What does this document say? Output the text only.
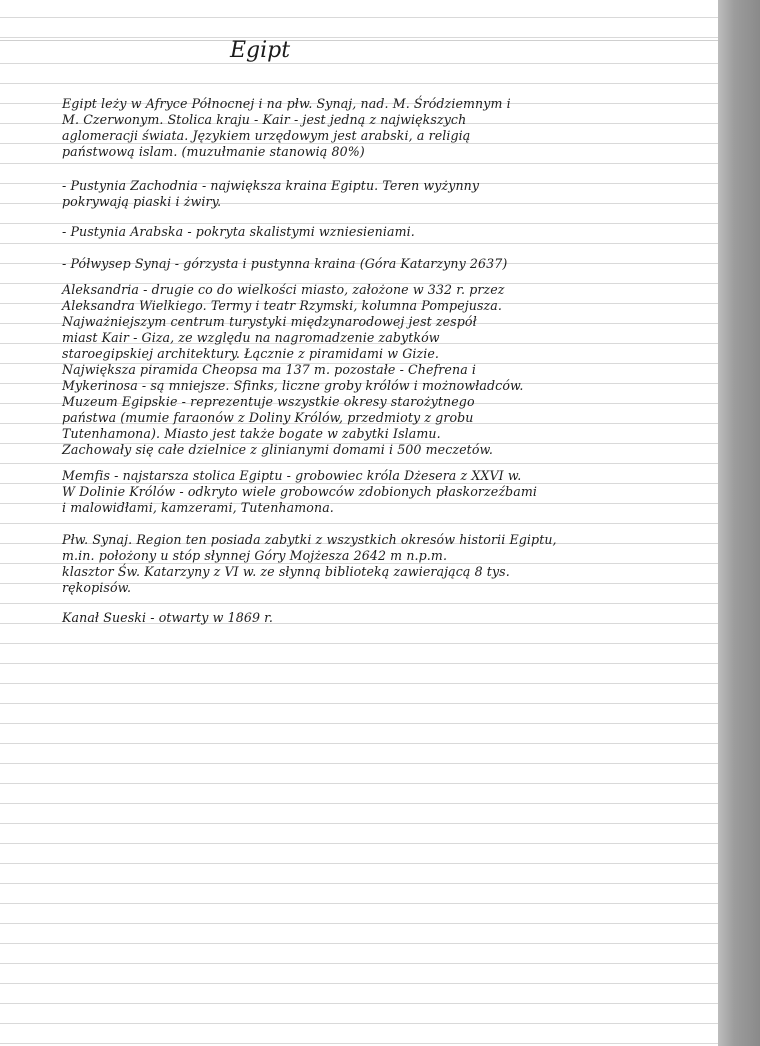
Egipt
Egipt leży w Afryce Północnej i na płw. Synaj, nad. M. Śródziemnym i
M. Czerwonym. Stolica kraju - Kair - jest jedną z największych
aglomeracji świata. Językiem urzędowym jest arabski, a religią
państwową islam. (muzułmanie stanowią 80%)
- Pustynia Zachodnia - największa kraina Egiptu. Teren wyżynny
pokrywają piaski i żwiry.
- Pustynia Arabska - pokryta skalistymi wzniesieniami.
- Półwysep Synaj - górzysta i pustynna kraina (Góra Katarzyny 2637)
Aleksandria - drugie co do wielkości miasto, założone w 332 r. przez
Aleksandra Wielkiego. Termy i teatr Rzymski, kolumna Pompejusza.
Najważniejszym centrum turystyki międzynarodowej jest zespół
miast Kair - Giza, ze względu na nagromadzenie zabytków
staroegipskiej architektury. Łącznie z piramidami w Gizie.
Największa piramida Cheopsa ma 137 m. pozostałe - Chefrena i
Mykerinosa - są mniejsze. Sfinks, liczne groby królów i możnowładców.
Muzeum Egipskie - reprezentuje wszystkie okresy starożytnego
państwa (mumie faraonów z Doliny Królów, przedmioty z grobu
Tutenhamona). Miasto jest także bogate w zabytki Islamu.
Zachowały się całe dzielnice z glinianymi domami i 500 meczetów.
Memfis - najstarsza stolica Egiptu - grobowiec króla Dżesera z XXVI w.
W Dolinie Królów - odkryto wiele grobowców zdobionych płaskorzeźbami
i malowidłami, kamzerami, Tutenhamona.
Płw. Synaj. Region ten posiada zabytki z wszystkich okresów historii Egiptu,
m.in. położony u stóp słynnej Góry Mojżesza 2642 m n.p.m.
klasztor Św. Katarzyny z VI w. ze słynną biblioteką zawierającą 8 tys.
rękopisów.
Kanał Sueski - otwarty w 1869 r.
